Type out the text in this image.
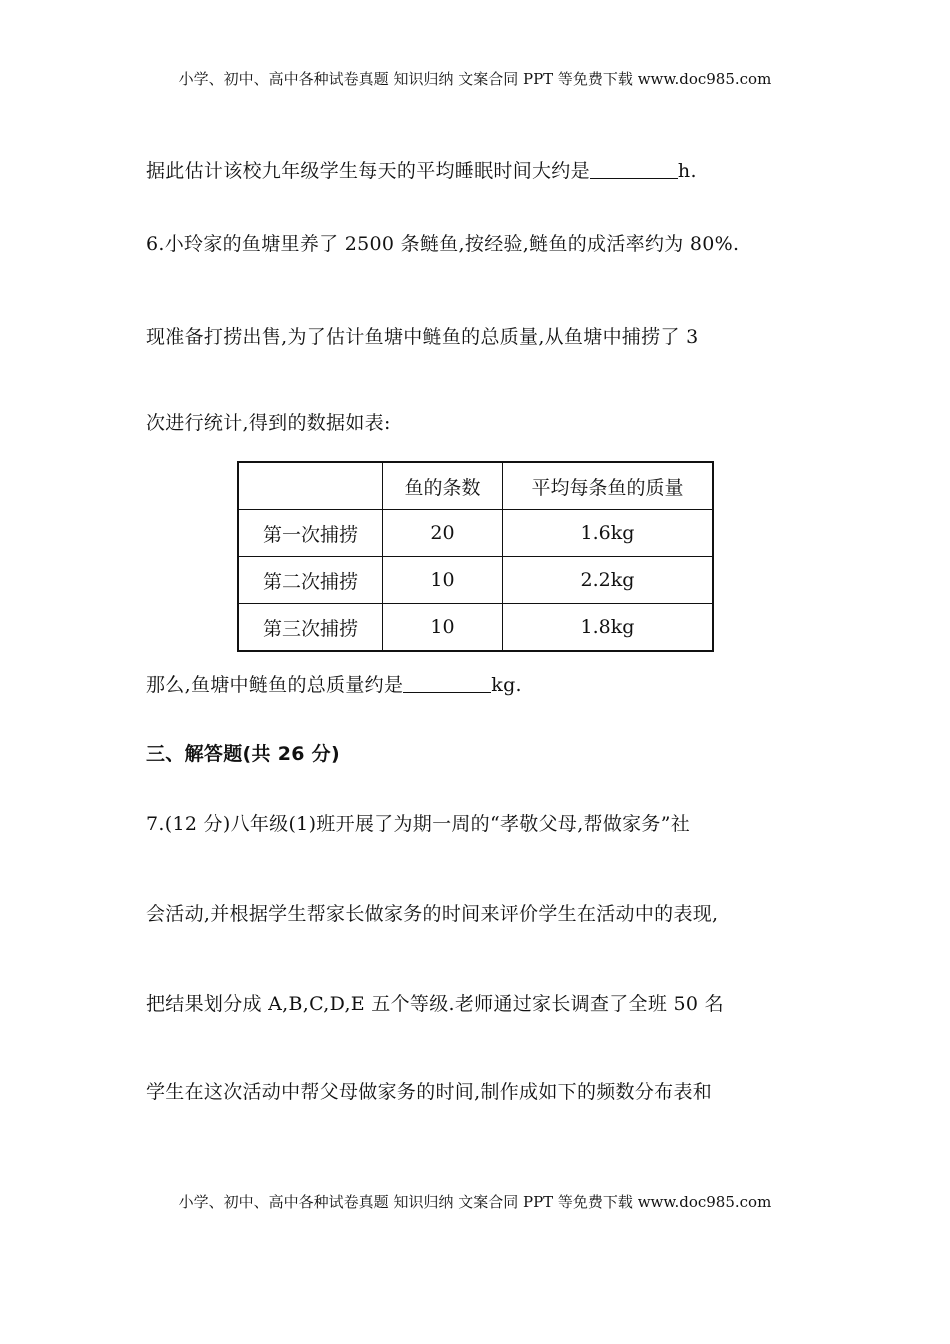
小学、初中、高中各种试卷真题 知识归纳 文案合同 PPT 等免费下载 www.doc985.com
据此估计该校九年级学生每天的平均睡眠时间大约是	h.
6.小玲家的鱼塘里养了 2500 条鲢鱼,按经验,鲢鱼的成活率约为 80%.
现准备打捞出售,为了估计鱼塘中鲢鱼的总质量,从鱼塘中捕捞了 3
次进行统计,得到的数据如表:
	鱼的条数	平均每条鱼的质量
第一次捕捞	20	1.6kg
第二次捕捞	10	2.2kg
第三次捕捞	10	1.8kg
那么,鱼塘中鲢鱼的总质量约是	kg.
三、解答题(共 26 分)
7.(12 分)八年级(1)班开展了为期一周的“孝敬父母,帮做家务”社
会活动,并根据学生帮家长做家务的时间来评价学生在活动中的表现,
把结果划分成 A,B,C,D,E 五个等级.老师通过家长调查了全班 50 名
学生在这次活动中帮父母做家务的时间,制作成如下的频数分布表和
小学、初中、高中各种试卷真题 知识归纳 文案合同 PPT 等免费下载 www.doc985.com
